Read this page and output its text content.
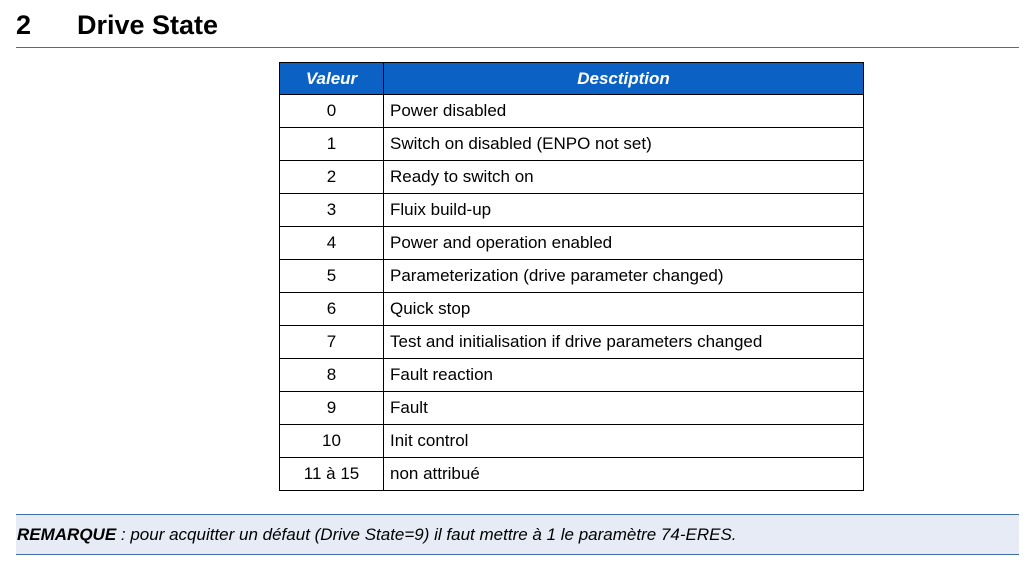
2 Drive State
Valeur	Desctiption
0	Power disabled
1	Switch on disabled (ENPO not set)
2	Ready to switch on
3	Fluix build-up
4	Power and operation enabled
5	Parameterization (drive parameter changed)
6	Quick stop
7	Test and initialisation if drive parameters changed
8	Fault reaction
9	Fault
10	Init control
11 à 15	non attribué
REMARQUE : pour acquitter un défaut (Drive State=9) il faut mettre à 1 le paramètre 74-ERES.
